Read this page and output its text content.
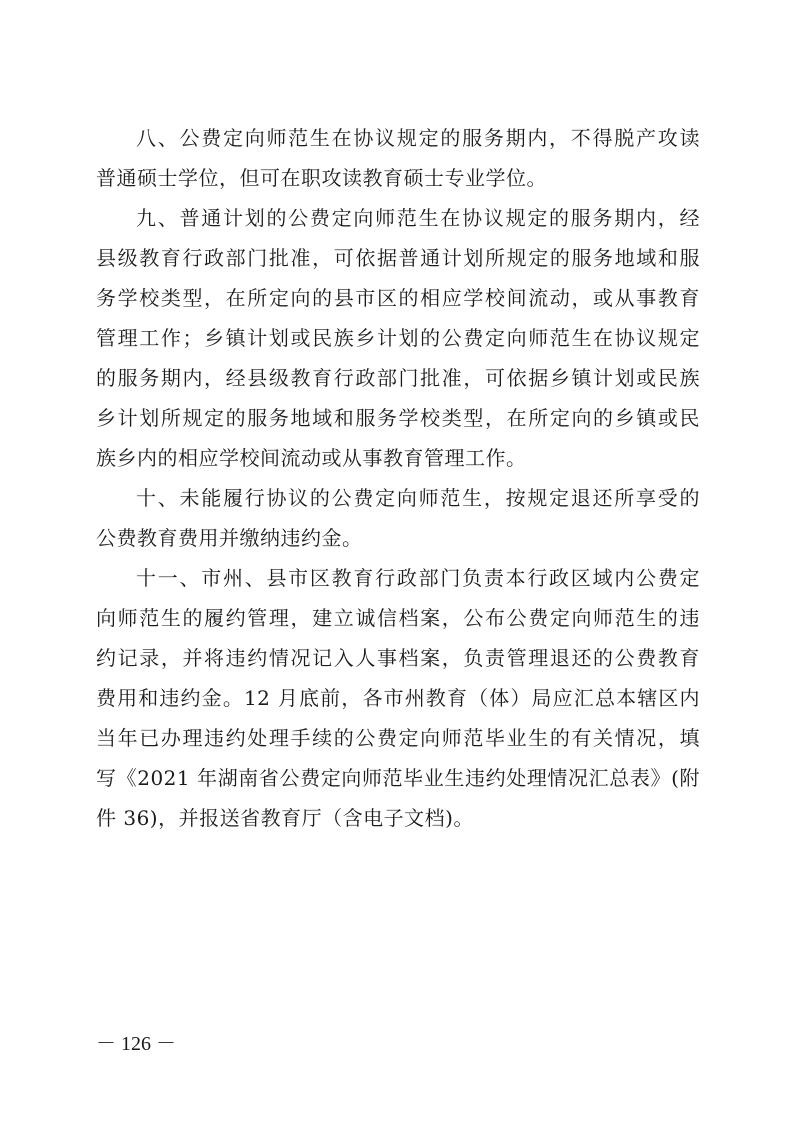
八、公费定向师范生在协议规定的服务期内，不得脱产攻读
普通硕士学位，但可在职攻读教育硕士专业学位。
九、普通计划的公费定向师范生在协议规定的服务期内，经
县级教育行政部门批准，可依据普通计划所规定的服务地域和服
务学校类型，在所定向的县市区的相应学校间流动，或从事教育
管理工作；乡镇计划或民族乡计划的公费定向师范生在协议规定
的服务期内，经县级教育行政部门批准，可依据乡镇计划或民族
乡计划所规定的服务地域和服务学校类型，在所定向的乡镇或民
族乡内的相应学校间流动或从事教育管理工作。
十、未能履行协议的公费定向师范生，按规定退还所享受的
公费教育费用并缴纳违约金。
十一、市州、县市区教育行政部门负责本行政区域内公费定
向师范生的履约管理，建立诚信档案，公布公费定向师范生的违
约记录，并将违约情况记入人事档案，负责管理退还的公费教育
费用和违约金。12 月底前，各市州教育（体）局应汇总本辖区内
当年已办理违约处理手续的公费定向师范毕业生的有关情况，填
写《2021 年湖南省公费定向师范毕业生违约处理情况汇总表》(附
件 36)，并报送省教育厅（含电子文档)。
－ 126 －
